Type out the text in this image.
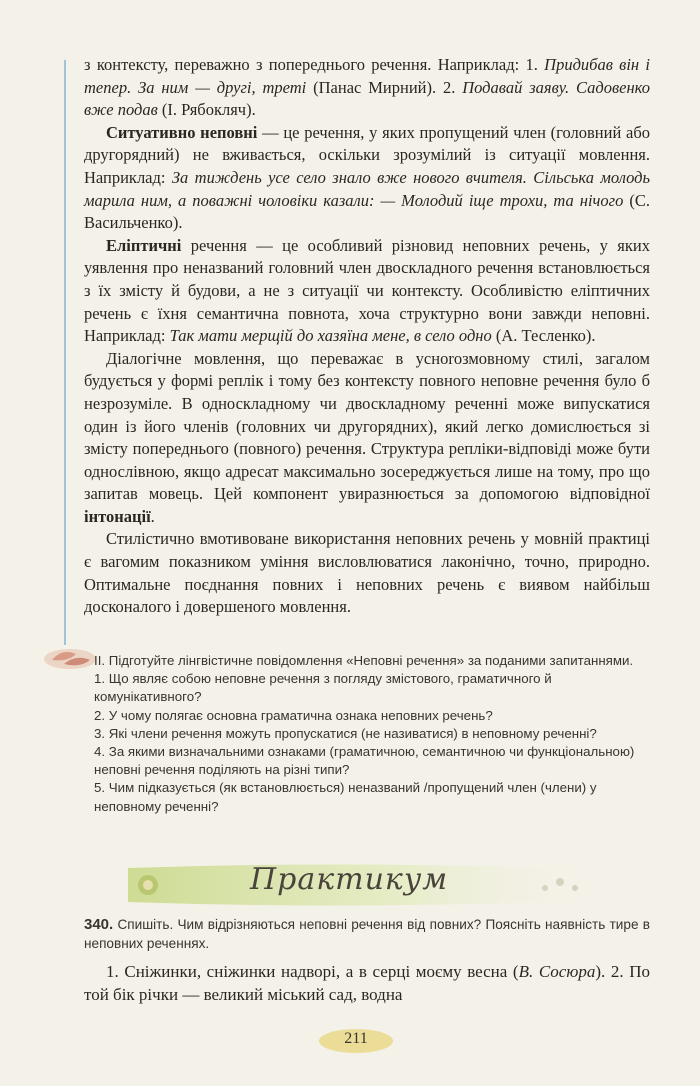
з контексту, переважно з попереднього речення. Наприклад: 1. Придибав він і тепер. За ним — другі, треті (Панас Мирний). 2. Подавай заяву. Садовенко вже подав (І. Рябокляч).

Ситуативно неповні — це речення, у яких пропущений член (головний або другорядний) не вживається, оскільки зрозумілий із ситуації мовлення. Наприклад: За тиждень усе село знало вже нового вчителя. Сільська молодь марила ним, а поважні чоловіки казали: — Молодий іще трохи, та нічого (С. Васильченко).

Еліптичні речення — це особливий різновид неповних речень, у яких уявлення про неназваний головний член двоскладного речення встановлюється з їх змісту й будови, а не з ситуації чи контексту. Особливістю еліптичних речень є їхня семантична повнота, хоча структурно вони завжди неповні. Наприклад: Так мати мерщій до хазяїна мене, в село одно (А. Тесленко).

Діалогічне мовлення, що переважає в усноrозмовному стилі, загалом будується у формі реплік і тому без контексту повного неповне речення було б незрозуміле. В односкладному чи двоскладному реченні може випускатися один із його членів (головних чи другорядних), який легко домислюється зі змісту попереднього (повного) речення. Структура репліки-відповіді може бути однослівною, якщо адресат максимально зосереджується лише на тому, про що запитав мовець. Цей компонент увиразнюється за допомогою відповідної інтонації.

Стилістично вмотивоване використання неповних речень у мовній практиці є вагомим показником уміння висловлюватися лаконічно, точно, природно. Оптимальне поєднання повних і неповних речень є виявом найбільш досконалого і довершеного мовлення.

ІІ. Підготуйте лінгвістичне повідомлення «Неповні речення» за поданими запитаннями.

1. Що являє собою неповне речення з погляду змістового, граматичного й комунікативного?

2. У чому полягає основна граматична ознака неповних речень?

3. Які члени речення можуть пропускатися (не називатися) в неповному реченні?

4. За якими визначальними ознаками (граматичною, семантичною чи функціональною) неповні речення поділяють на різні типи?

5. Чим підказується (як встановлюється) неназваний /пропущений член (члени) у неповному реченні?

Практикум
340. Спишіть. Чим відрізняються неповні речення від повних? Поясніть наявність тире в неповних реченнях.

1. Сніжинки, сніжинки надворі, а в серці моєму весна (В. Сосюра). 2. По той бік річки — великий міський сад, водна

211
